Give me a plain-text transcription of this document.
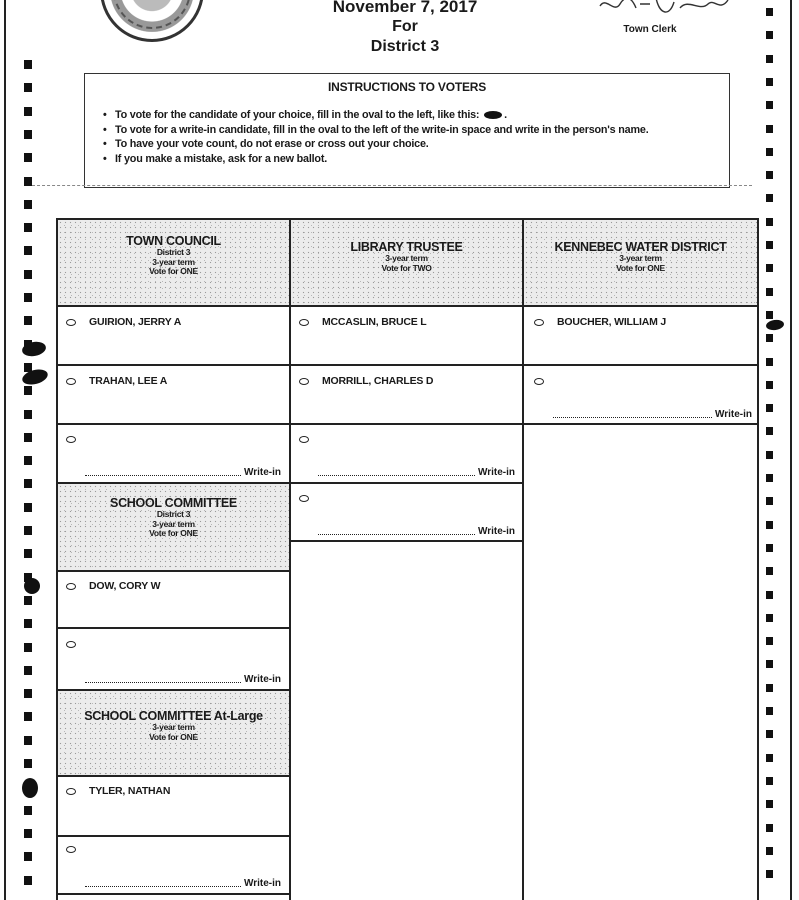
November 7, 2017
For
District 3
Town Clerk
INSTRUCTIONS TO VOTERS
• To vote for the candidate of your choice, fill in the oval to the left, like this: .
• To vote for a write-in candidate, fill in the oval to the left of the write-in space and write in the person's name.
• To have your vote count, do not erase or cross out your choice.
• If you make a mistake, ask for a new ballot.
TOWN COUNCIL
District 3
3-year term
Vote for ONE
LIBRARY TRUSTEE
3-year term
Vote for TWO
KENNEBEC WATER DISTRICT
3-year term
Vote for ONE
SCHOOL COMMITTEE
District 3
3-year term
Vote for ONE
SCHOOL COMMITTEE At-Large
3-year term
Vote for ONE
GUIRION, JERRY A
TRAHAN, LEE A
Write-in
MCCASLIN, BRUCE L
MORRILL, CHARLES D
Write-in
Write-in
BOUCHER, WILLIAM J
Write-in
DOW, CORY W
Write-in
TYLER, NATHAN
Write-in
